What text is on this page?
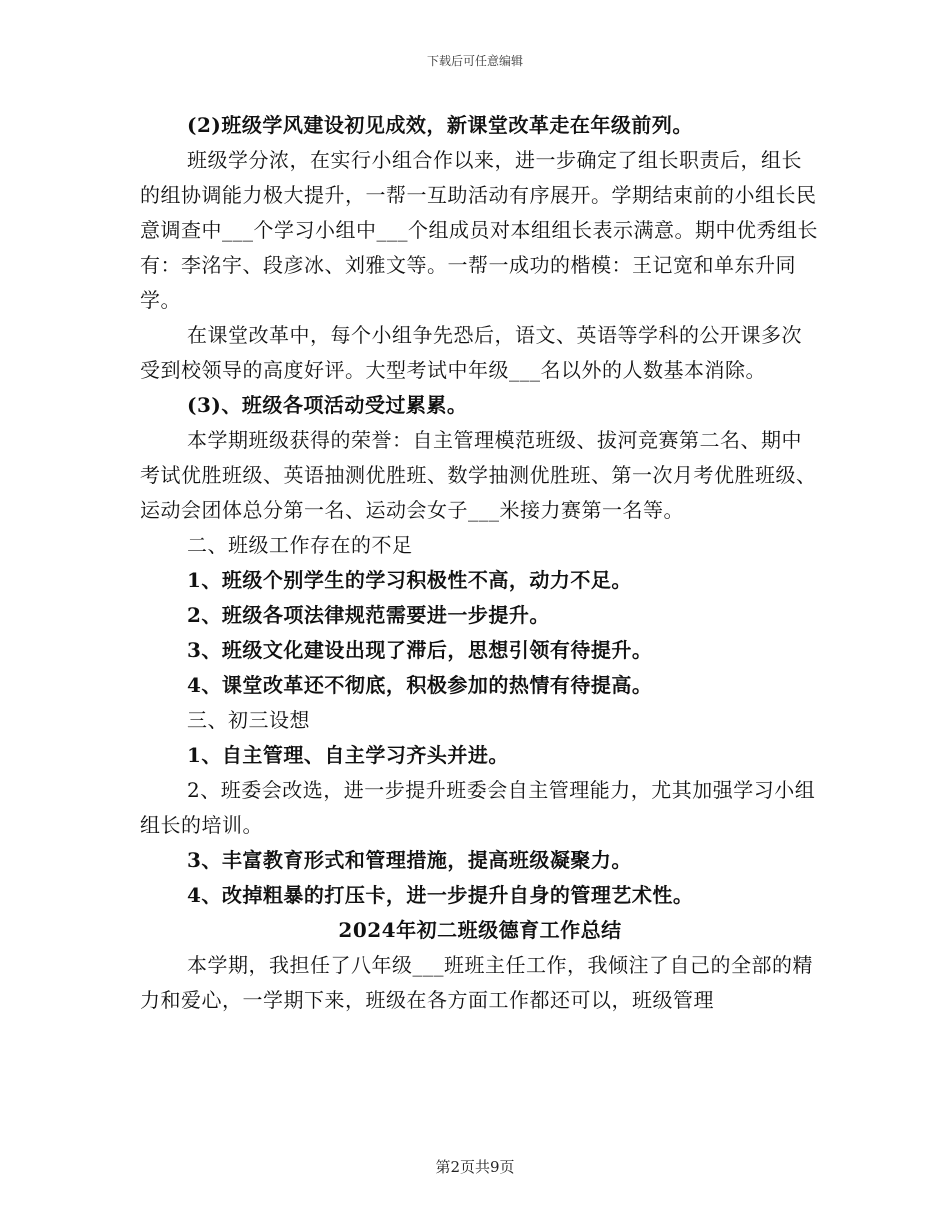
下载后可任意编辑

(2)班级学风建设初见成效，新课堂改革走在年级前列。

班级学分浓，在实行小组合作以来，进一步确定了组长职责后，组长的组协调能力极大提升，一帮一互助活动有序展开。学期结束前的小组长民意调查中___个学习小组中___个组成员对本组组长表示满意。期中优秀组长有：李洺宇、段彦冰、刘雅文等。一帮一成功的楷模：王记宽和单东升同学。

在课堂改革中，每个小组争先恐后，语文、英语等学科的公开课多次受到校领导的高度好评。大型考试中年级___名以外的人数基本消除。

(3)、班级各项活动受过累累。

本学期班级获得的荣誉：自主管理模范班级、拔河竞赛第二名、期中考试优胜班级、英语抽测优胜班、数学抽测优胜班、第一次月考优胜班级、运动会团体总分第一名、运动会女子___米接力赛第一名等。

二、班级工作存在的不足

1、班级个别学生的学习积极性不高，动力不足。

2、班级各项法律规范需要进一步提升。

3、班级文化建设出现了滞后，思想引领有待提升。

4、课堂改革还不彻底，积极参加的热情有待提高。

三、初三设想

1、自主管理、自主学习齐头并进。

2、班委会改选，进一步提升班委会自主管理能力，尤其加强学习小组组长的培训。

3、丰富教育形式和管理措施，提高班级凝聚力。

4、改掉粗暴的打压卡，进一步提升自身的管理艺术性。

2024年初二班级德育工作总结

本学期，我担任了八年级___班班主任工作，我倾注了自己的全部的精力和爱心，一学期下来，班级在各方面工作都还可以，班级管理

第2页共9页
